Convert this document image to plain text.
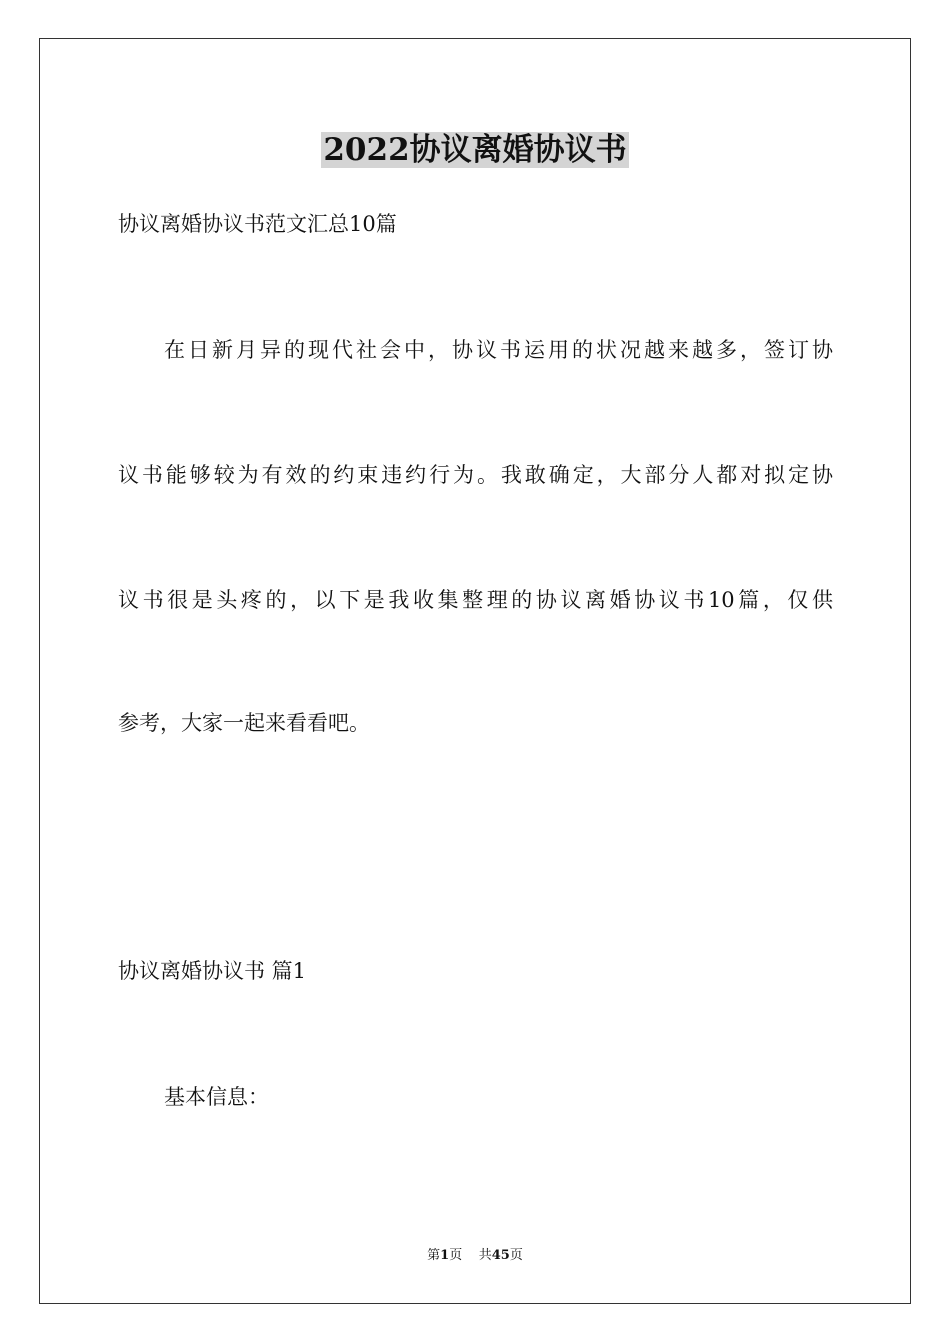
2022协议离婚协议书
协议离婚协议书范文汇总10篇
在日新月异的现代社会中，协议书运用的状况越来越多，签订协
议书能够较为有效的约束违约行为。我敢确定，大部分人都对拟定协
议书很是头疼的，以下是我收集整理的协议离婚协议书10篇，仅供
参考，大家一起来看看吧。
协议离婚协议书 篇1
基本信息：
第1页 共45页
